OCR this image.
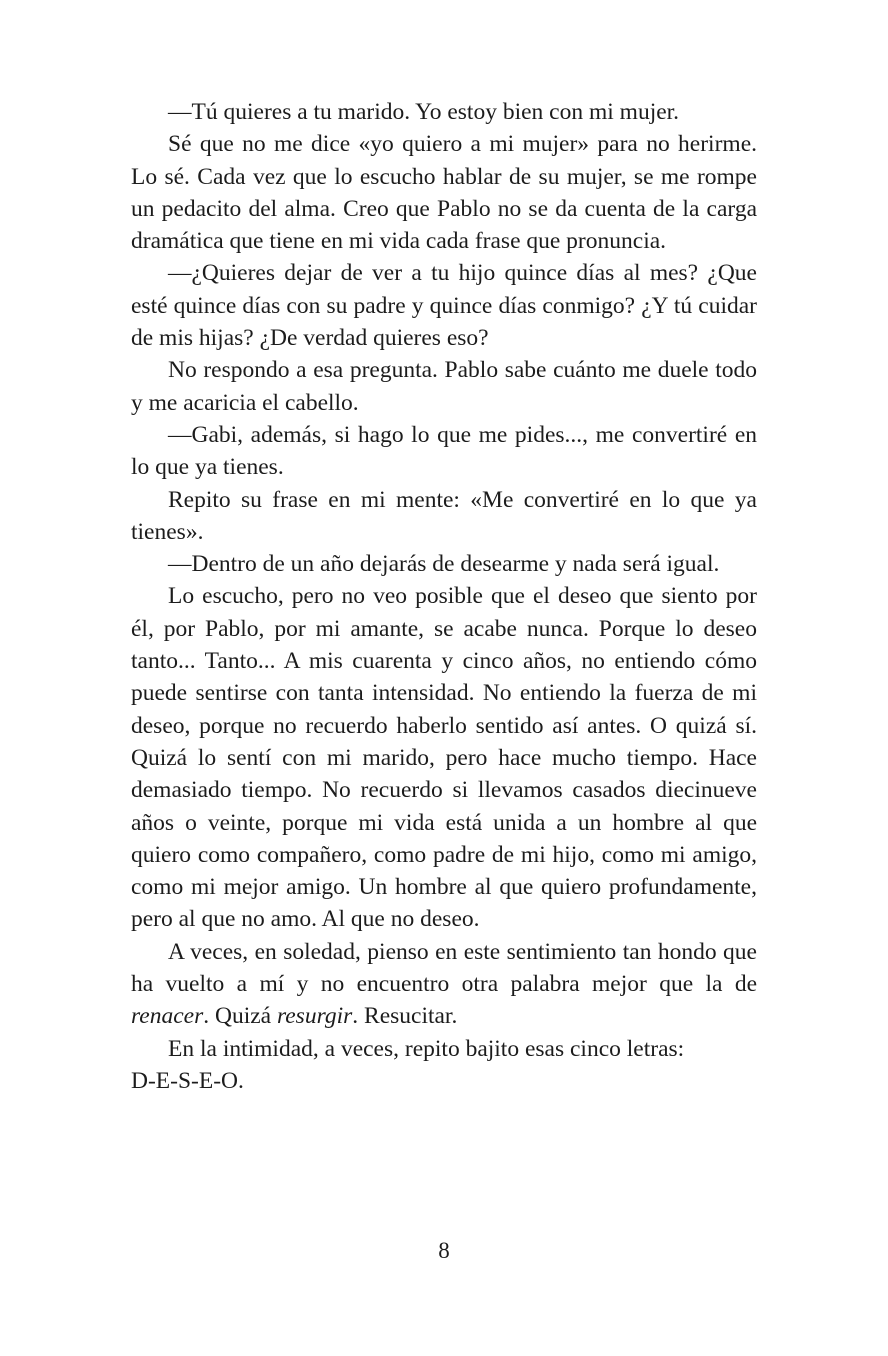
—Tú quieres a tu marido. Yo estoy bien con mi mujer.

Sé que no me dice «yo quiero a mi mujer» para no herirme. Lo sé. Cada vez que lo escucho hablar de su mujer, se me rompe un pedacito del alma. Creo que Pablo no se da cuenta de la carga dramática que tiene en mi vida cada frase que pronuncia.

—¿Quieres dejar de ver a tu hijo quince días al mes? ¿Que esté quince días con su padre y quince días conmigo? ¿Y tú cuidar de mis hijas? ¿De verdad quieres eso?

No respondo a esa pregunta. Pablo sabe cuánto me duele todo y me acaricia el cabello.

—Gabi, además, si hago lo que me pides..., me convertiré en lo que ya tienes.

Repito su frase en mi mente: «Me convertiré en lo que ya tienes».

—Dentro de un año dejarás de desearme y nada será igual.

Lo escucho, pero no veo posible que el deseo que siento por él, por Pablo, por mi amante, se acabe nunca. Porque lo deseo tanto... Tanto... A mis cuarenta y cinco años, no entiendo cómo puede sentirse con tanta intensidad. No entiendo la fuerza de mi deseo, porque no recuerdo haberlo sentido así antes. O quizá sí. Quizá lo sentí con mi marido, pero hace mucho tiempo. Hace demasiado tiempo. No recuerdo si llevamos casados diecinueve años o veinte, porque mi vida está unida a un hombre al que quiero como compañero, como padre de mi hijo, como mi amigo, como mi mejor amigo. Un hombre al que quiero profundamente, pero al que no amo. Al que no deseo.

A veces, en soledad, pienso en este sentimiento tan hondo que ha vuelto a mí y no encuentro otra palabra mejor que la de renacer. Quizá resurgir. Resucitar.

En la intimidad, a veces, repito bajito esas cinco letras:

D-E-S-E-O.

8
